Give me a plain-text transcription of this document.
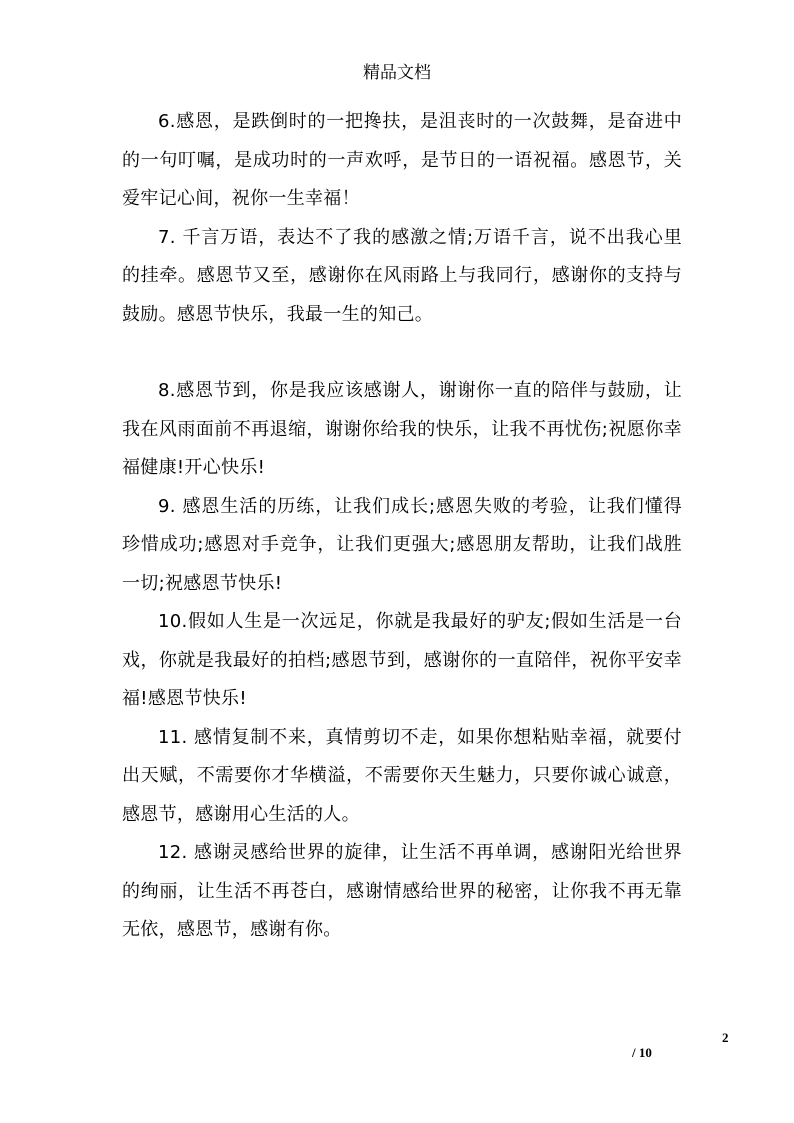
精品文档

6.感恩，是跌倒时的一把搀扶，是沮丧时的一次鼓舞，是奋进中的一句叮嘱，是成功时的一声欢呼，是节日的一语祝福。感恩节，关爱牢记心间，祝你一生幸福！

7. 千言万语，表达不了我的感激之情;万语千言，说不出我心里的挂牵。感恩节又至，感谢你在风雨路上与我同行，感谢你的支持与鼓励。感恩节快乐，我最一生的知己。

8.感恩节到，你是我应该感谢人，谢谢你一直的陪伴与鼓励，让我在风雨面前不再退缩，谢谢你给我的快乐，让我不再忧伤;祝愿你幸福健康!开心快乐!

9. 感恩生活的历练，让我们成长;感恩失败的考验，让我们懂得珍惜成功;感恩对手竞争，让我们更强大;感恩朋友帮助，让我们战胜一切;祝感恩节快乐!

10.假如人生是一次远足，你就是我最好的驴友;假如生活是一台戏，你就是我最好的拍档;感恩节到，感谢你的一直陪伴，祝你平安幸福!感恩节快乐!

11. 感情复制不来，真情剪切不走，如果你想粘贴幸福，就要付出天赋，不需要你才华横溢，不需要你天生魅力，只要你诚心诚意，感恩节，感谢用心生活的人。

12. 感谢灵感给世界的旋律，让生活不再单调，感谢阳光给世界的绚丽，让生活不再苍白，感谢情感给世界的秘密，让你我不再无靠无依，感恩节，感谢有你。

2
/ 10
